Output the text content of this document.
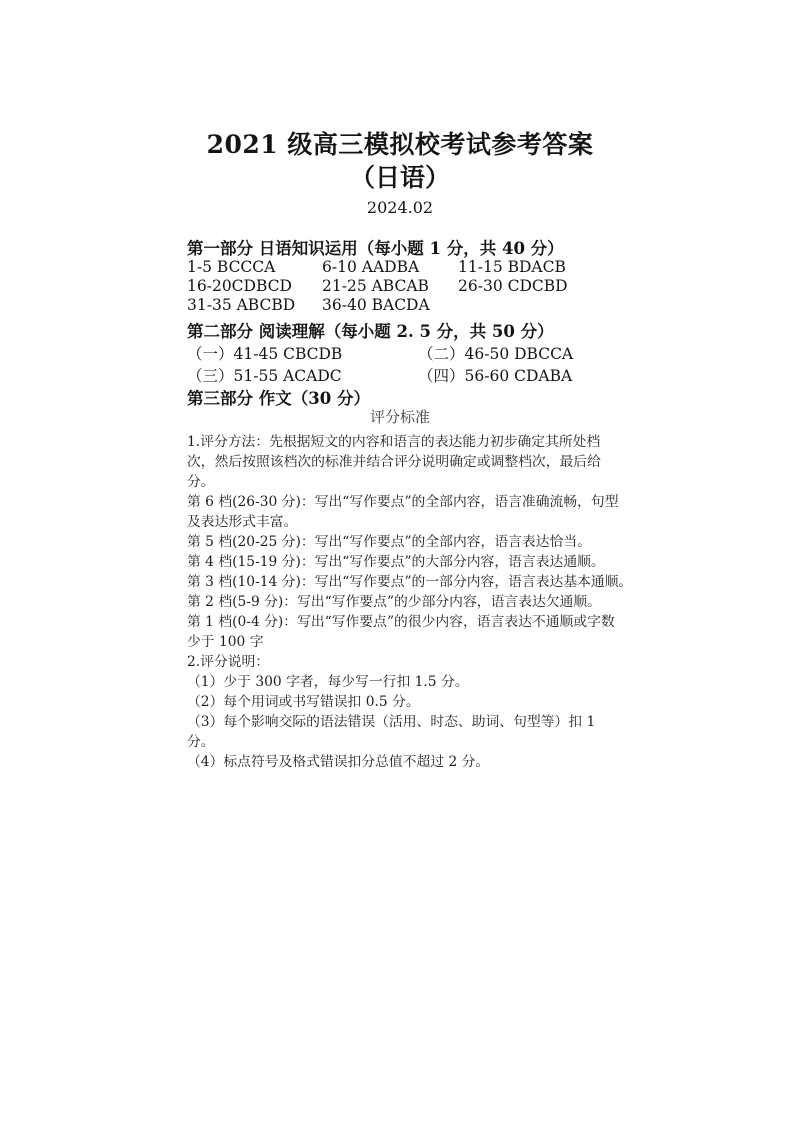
2021 级高三模拟校考试参考答案
（日语）
2024.02
第一部分 日语知识运用（每小题 1 分，共 40 分）
1-5 BCCCA	6-10 AADBA	11-15 BDACB
16-20CDBCD 21-25 ABCAB 26-30 CDCBD
31-35 ABCBD 36-40 BACDA
第二部分 阅读理解（每小题 2. 5 分，共 50 分）
（一）41-45 CBCDB	（二）46-50 DBCCA
（三）51-55 ACADC	（四）56-60 CDABA
第三部分 作文（30 分）
评分标准
1.评分方法：先根据短文的内容和语言的表达能力初步确定其所处档
次，然后按照该档次的标准并结合评分说明确定或调整档次，最后给
分。
第 6 档(26-30 分)：写出“写作要点”的全部内容，语言准确流畅，句型
及表达形式丰富。
第 5 档(20-25 分)：写出“写作要点”的全部内容，语言表达恰当。
第 4 档(15-19 分)：写出“写作要点”的大部分内容，语言表达通顺。
第 3 档(10-14 分)：写出“写作要点”的一部分内容，语言表达基本通顺。
第 2 档(5-9 分)：写出“写作要点”的少部分内容，语言表达欠通顺。
第 1 档(0-4 分)：写出“写作要点”的很少内容，语言表达不通顺或字数
少于 100 字
2.评分说明：
（1）少于 300 字者，每少写一行扣 1.5 分。
（2）每个用词或书写错误扣 0.5 分。
（3）每个影响交际的语法错误（活用、时态、助词、句型等）扣 1
分。
（4）标点符号及格式错误扣分总值不超过 2 分。
